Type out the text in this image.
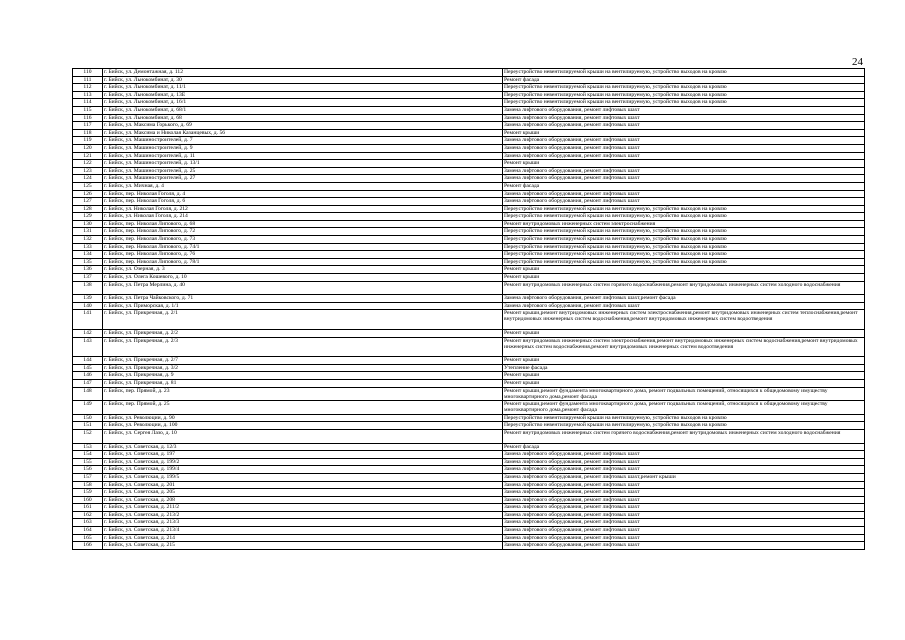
24
110	г. Бийск, ул. Демонтажная, д. 112	Переустройство невентилируемой крыши на вентилируемую, устройство выходов на кровлю
111	г. Бийск, ул. Льнокомбинат, д. 30	Ремонт фасада
112	г. Бийск, ул. Льнокомбинат, д. 11/1	Переустройство невентилируемой крыши на вентилируемую, устройство выходов на кровлю
113	г. Бийск, ул. Льнокомбинат, д. 13Е	Переустройство невентилируемой крыши на вентилируемую, устройство выходов на кровлю
114	г. Бийск, ул. Льнокомбинат, д. 16/1	Переустройство невентилируемой крыши на вентилируемую, устройство выходов на кровлю
115	г. Бийск, ул. Льнокомбинат, д. 68/1	Замена лифтового оборудования, ремонт лифтовых шахт
116	г. Бийск, ул. Льнокомбинат, д. 68	Замена лифтового оборудования, ремонт лифтовых шахт
117	г. Бийск, ул. Максима Горького, д. 69	Замена лифтового оборудования, ремонт лифтовых шахт
118	г. Бийск, ул. Максима и Николая Казанцевых, д. 56	Ремонт крыши
119	г. Бийск, ул. Машиностроителей, д. 7	Замена лифтового оборудования, ремонт лифтовых шахт
120	г. Бийск, ул. Машиностроителей, д. 9	Замена лифтового оборудования, ремонт лифтовых шахт
121	г. Бийск, ул. Машиностроителей, д. 11	Замена лифтового оборудования, ремонт лифтовых шахт
122	г. Бийск, ул. Машиностроителей, д. 13/1	Ремонт крыши
123	г. Бийск, ул. Машиностроителей, д. 25	Замена лифтового оборудования, ремонт лифтовых шахт
124	г. Бийск, ул. Машиностроителей, д. 27	Замена лифтового оборудования, ремонт лифтовых шахт
125	г. Бийск, ул. Мичная, д. 4	Ремонт фасада
126	г. Бийск, пер. Николая Гоголя, д. 4	Замена лифтового оборудования, ремонт лифтовых шахт
127	г. Бийск, пер. Николая Гоголя, д. 6	Замена лифтового оборудования, ремонт лифтовых шахт
128	г. Бийск, ул. Николая Гоголя, д. 212	Переустройство невентилируемой крыши на вентилируемую, устройство выходов на кровлю
129	г. Бийск, ул. Николая Гоголя, д. 214	Переустройство невентилируемой крыши на вентилируемую, устройство выходов на кровлю
130	г. Бийск, пер. Николая Липового, д. 68	Ремонт внутридомовых инженерных систем электроснабжения
131	г. Бийск, пер. Николая Липового, д. 72	Переустройство невентилируемой крыши на вентилируемую, устройство выходов на кровлю
132	г. Бийск, пер. Николая Липового, д. 73	Переустройство невентилируемой крыши на вентилируемую, устройство выходов на кровлю
133	г. Бийск, пер. Николая Липового, д. 74/1	Переустройство невентилируемой крыши на вентилируемую, устройство выходов на кровлю
134	г. Бийск, пер. Николая Липового, д. 76	Переустройство невентилируемой крыши на вентилируемую, устройство выходов на кровлю
135	г. Бийск, пер. Николая Липового, д. 78/1	Переустройство невентилируемой крыши на вентилируемую, устройство выходов на кровлю
136	г. Бийск, ул. Озерная, д. 3	Ремонт крыши
137	г. Бийск, ул. Олега Кошевого, д. 10	Ремонт крыши
138	г. Бийск, ул. Петра Мерлина, д. 40	Ремонт внутридомовых инженерных систем горячего водоснабжения,ремонт внутридомовых инженерных систем холодного водоснабжения
139	г. Бийск, ул. Петра Чайковского, д. 71	Замена лифтового оборудования, ремонт лифтовых шахт,ремонт фасада
140	г. Бийск, ул. Приморская, д. 1/1	Замена лифтового оборудования, ремонт лифтовых шахт
141	г. Бийск, ул. Прикречная, д. 2/1	Ремонт крыши,ремонт внутридомовых инженерных систем электроснабжения,ремонт внутридомовых инженерных систем теплоснабжения,ремонт внутридомовых инженерных систем водоснабжения,ремонт внутридомовых инженерных систем водоотведения
142	г. Бийск, ул. Прикречная, д. 2/2	Ремонт крыши
143	г. Бийск, ул. Прикречная, д. 2/3	Ремонт внутридомовых инженерных систем электроснабжения,ремонт внутридомовых инженерных систем водоснабжения,ремонт внутридомовых инженерных систем водоснабжения,ремонт внутридомовых инженерных систем водоотведения
144	г. Бийск, ул. Прикречная, д. 2/7	Ремонт крыши
145	г. Бийск, ул. Прикречная, д. 3/2	Утепление фасада
146	г. Бийск, ул. Прикречная, д. 9	Ремонт крыши
147	г. Бийск, ул. Прикречная, д. 81	Ремонт крыши
148	г. Бийск, пер. Прямой, д. 23	Ремонт крыши,ремонт фундамента многоквартирного дома, ремонт подвальных помещений, относящихся к общедомовому имуществу многоквартирного дома,ремонт фасада
149	г. Бийск, пер. Прямой, д. 25	Ремонт крыши,ремонт фундамента многоквартирного дома, ремонт подвальных помещений, относящихся к общедомовому имуществу многоквартирного дома,ремонт фасада
150	г. Бийск, ул. Революции, д. 90	Переустройство невентилируемой крыши на вентилируемую, устройство выходов на кровлю
151	г. Бийск, ул. Революции, д. 100	Переустройство невентилируемой крыши на вентилируемую, устройство выходов на кровлю
152	г. Бийск, ул. Сергея Лазо, д. 10	Ремонт внутридомовых инженерных систем горячего водоснабжения,ремонт внутридомовых инженерных систем холодного водоснабжения
153	г. Бийск, ул. Советская, д. 12/3	Ремонт фасада
154	г. Бийск, ул. Советская, д. 197	Замена лифтового оборудования, ремонт лифтовых шахт
155	г. Бийск, ул. Советская, д. 199/2	Замена лифтового оборудования, ремонт лифтовых шахт
156	г. Бийск, ул. Советская, д. 199/4	Замена лифтового оборудования, ремонт лифтовых шахт
157	г. Бийск, ул. Советская, д. 199/5	Замена лифтового оборудования, ремонт лифтовых шахт,ремонт крыши
158	г. Бийск, ул. Советская, д. 201	Замена лифтового оборудования, ремонт лифтовых шахт
159	г. Бийск, ул. Советская, д. 205	Замена лифтового оборудования, ремонт лифтовых шахт
160	г. Бийск, ул. Советская, д. 208	Замена лифтового оборудования, ремонт лифтовых шахт
161	г. Бийск, ул. Советская, д. 211/2	Замена лифтового оборудования, ремонт лифтовых шахт
162	г. Бийск, ул. Советская, д. 213/2	Замена лифтового оборудования, ремонт лифтовых шахт
163	г. Бийск, ул. Советская, д. 213/3	Замена лифтового оборудования, ремонт лифтовых шахт
164	г. Бийск, ул. Советская, д. 213/4	Замена лифтового оборудования, ремонт лифтовых шахт
165	г. Бийск, ул. Советская, д. 214	Замена лифтового оборудования, ремонт лифтовых шахт
166	г. Бийск, ул. Советская, д. 215	Замена лифтового оборудования, ремонт лифтовых шахт
